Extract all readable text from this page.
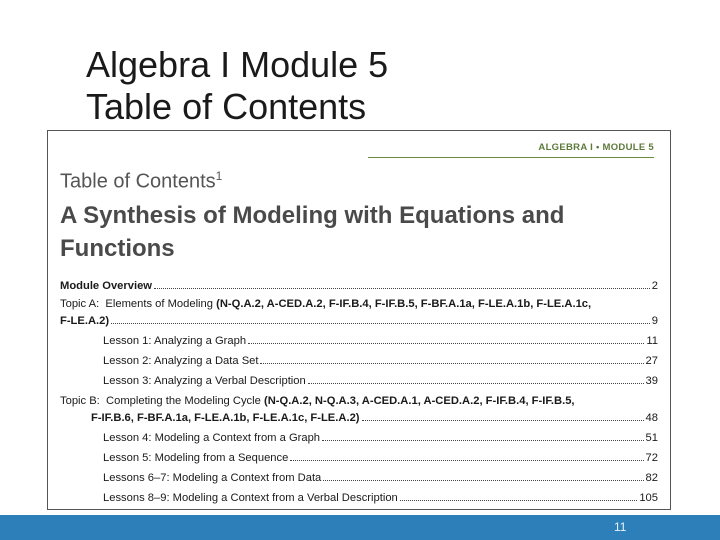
Algebra I Module 5
Table of Contents
ALGEBRA I • MODULE 5
Table of Contents$^1$
A Synthesis of Modeling with Equations and
Functions
Module Overview	2
Topic A: Elements of Modeling (N-Q.A.2, A-CED.A.2, F-IF.B.4, F-IF.B.5, F-BF.A.1a, F-LE.A.1b, F-LE.A.1c,
F-LE.A.2)	9
Lesson 1: Analyzing a Graph	11
Lesson 2: Analyzing a Data Set	27
Lesson 3: Analyzing a Verbal Description	39
Topic B: Completing the Modeling Cycle (N-Q.A.2, N-Q.A.3, A-CED.A.1, A-CED.A.2, F-IF.B.4, F-IF.B.5,
F-IF.B.6, F-BF.A.1a, F-LE.A.1b, F-LE.A.1c, F-LE.A.2)	48
Lesson 4: Modeling a Context from a Graph	51
Lesson 5: Modeling from a Sequence	72
Lessons 6–7: Modeling a Context from Data	82
Lessons 8–9: Modeling a Context from a Verbal Description	105
11
